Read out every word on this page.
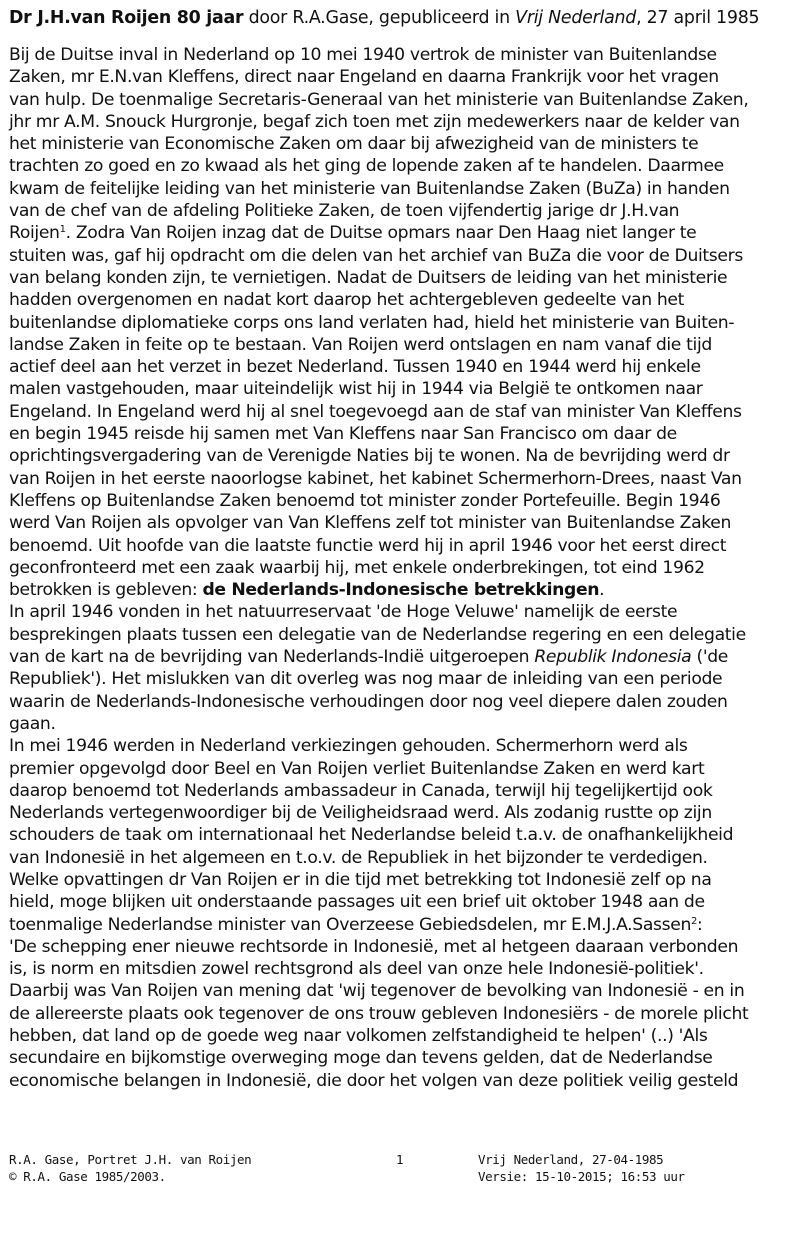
Dr J.H.van Roijen 80 jaar door R.A.Gase, gepubliceerd in Vrij Nederland, 27 april 1985
Bij de Duitse inval in Nederland op 10 mei 1940 vertrok de minister van Buitenlandse
Zaken, mr E.N.van Kleffens, direct naar Engeland en daarna Frankrijk voor het vragen
van hulp. De toenmalige Secretaris-Generaal van het ministerie van Buitenlandse Zaken,
jhr mr A.M. Snouck Hurgronje, begaf zich toen met zijn medewerkers naar de kelder van
het ministerie van Economische Zaken om daar bij afwezigheid van de ministers te
trachten zo goed en zo kwaad als het ging de lopende zaken af te handelen. Daarmee
kwam de feitelijke leiding van het ministerie van Buitenlandse Zaken (BuZa) in handen
van de chef van de afdeling Politieke Zaken, de toen vijfendertig jarige dr J.H.van
Roijen$^1$. Zodra Van Roijen inzag dat de Duitse opmars naar Den Haag niet langer te
stuiten was, gaf hij opdracht om die delen van het archief van BuZa die voor de Duitsers
van belang konden zijn, te vernietigen. Nadat de Duitsers de leiding van het ministerie
hadden overgenomen en nadat kort daarop het achtergebleven gedeelte van het
buitenlandse diplomatieke corps ons land verlaten had, hield het ministerie van Buiten-
landse Zaken in feite op te bestaan. Van Roijen werd ontslagen en nam vanaf die tijd
actief deel aan het verzet in bezet Nederland. Tussen 1940 en 1944 werd hij enkele
malen vastgehouden, maar uiteindelijk wist hij in 1944 via België te ontkomen naar
Engeland. In Engeland werd hij al snel toegevoegd aan de staf van minister Van Kleffens
en begin 1945 reisde hij samen met Van Kleffens naar San Francisco om daar de
oprichtingsvergadering van de Verenigde Naties bij te wonen. Na de bevrijding werd dr
van Roijen in het eerste naoorlogse kabinet, het kabinet Schermerhorn-Drees, naast Van
Kleffens op Buitenlandse Zaken benoemd tot minister zonder Portefeuille. Begin 1946
werd Van Roijen als opvolger van Van Kleffens zelf tot minister van Buitenlandse Zaken
benoemd. Uit hoofde van die laatste functie werd hij in april 1946 voor het eerst direct
geconfronteerd met een zaak waarbij hij, met enkele onderbrekingen, tot eind 1962
betrokken is gebleven: de Nederlands-Indonesische betrekkingen.
In april 1946 vonden in het natuurreservaat 'de Hoge Veluwe' namelijk de eerste
besprekingen plaats tussen een delegatie van de Nederlandse regering en een delegatie
van de kart na de bevrijding van Nederlands-Indië uitgeroepen Republik Indonesia ('de
Republiek'). Het mislukken van dit overleg was nog maar de inleiding van een periode
waarin de Nederlands-Indonesische verhoudingen door nog veel diepere dalen zouden
gaan.
In mei 1946 werden in Nederland verkiezingen gehouden. Schermerhorn werd als
premier opgevolgd door Beel en Van Roijen verliet Buitenlandse Zaken en werd kart
daarop benoemd tot Nederlands ambassadeur in Canada, terwijl hij tegelijkertijd ook
Nederlands vertegenwoordiger bij de Veiligheidsraad werd. Als zodanig rustte op zijn
schouders de taak om internationaal het Nederlandse beleid t.a.v. de onafhankelijkheid
van Indonesië in het algemeen en t.o.v. de Republiek in het bijzonder te verdedigen.
Welke opvattingen dr Van Roijen er in die tijd met betrekking tot Indonesië zelf op na
hield, moge blijken uit onderstaande passages uit een brief uit oktober 1948 aan de
toenmalige Nederlandse minister van Overzeese Gebiedsdelen, mr E.M.J.A.Sassen$^2$:
'De schepping ener nieuwe rechtsorde in Indonesië, met al hetgeen daaraan verbonden
is, is norm en mitsdien zowel rechtsgrond als deel van onze hele Indonesië-politiek'.
Daarbij was Van Roijen van mening dat 'wij tegenover de bevolking van Indonesië - en in
de allereerste plaats ook tegenover de ons trouw gebleven Indonesiërs - de morele plicht
hebben, dat land op de goede weg naar volkomen zelfstandigheid te helpen' (..) 'Als
secundaire en bijkomstige overweging moge dan tevens gelden, dat de Nederlandse
economische belangen in Indonesië, die door het volgen van deze politiek veilig gesteld
R.A. Gase, Portret J.H. van Roijen
© R.A. Gase 1985/2003.
1	Vrij Nederland, 27-04-1985
Versie: 15-10-2015; 16:53 uur
